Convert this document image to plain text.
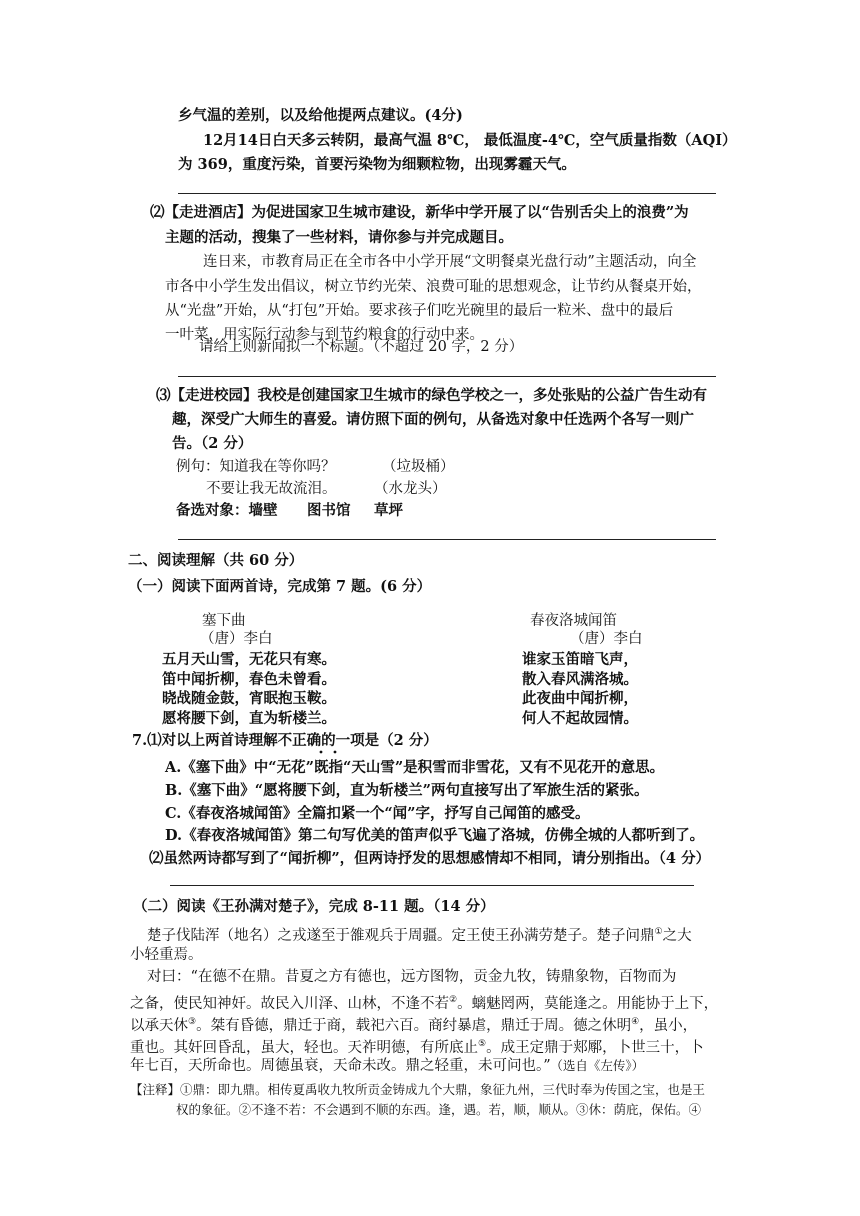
乡气温的差别，以及给他提两点建议。(4分)
12月14日白天多云转阴，最高气温 8℃， 最低温度-4℃，空气质量指数（AQI）
为 369，重度污染，首要污染物为细颗粒物，出现雾霾天气。
⑵【走进酒店】为促进国家卫生城市建设，新华中学开展了以“告别舌尖上的浪费”为
主题的活动，搜集了一些材料，请你参与并完成题目。
连日来，市教育局正在全市各中小学开展“文明餐桌光盘行动”主题活动，向全
市各中小学生发出倡议，树立节约光荣、浪费可耻的思想观念，让节约从餐桌开始，
从“光盘”开始，从“打包”开始。要求孩子们吃光碗里的最后一粒米、盘中的最后
一叶菜，用实际行动参与到节约粮食的行动中来。
请给上则新闻拟一个标题。（不超过 20 字，2 分）
⑶【走进校园】我校是创建国家卫生城市的绿色学校之一，多处张贴的公益广告生动有
趣，深受广大师生的喜爱。请仿照下面的例句，从备选对象中任选两个各写一则广
告。（2 分）
例句：知道我在等你吗？	（垃圾桶）
不要让我无故流泪。	（水龙头）
备选对象：墙壁 图书馆 草坪
二、阅读理解（共 60 分）
（一）阅读下面两首诗，完成第 7 题。(6 分）
塞下曲
（唐）李白
五月天山雪，无花只有寒。
笛中闻折柳，春色未曾看。
晓战随金鼓，宵眠抱玉鞍。
愿将腰下剑，直为斩楼兰。
春夜洛城闻笛
（唐）李白
谁家玉笛暗飞声，
散入春风满洛城。
此夜曲中闻折柳，
何人不起故园情。
7.⑴对以上两首诗理解不正确的一项是（2 分）
A.《塞下曲》中“无花”既指“天山雪”是积雪而非雪花，又有不见花开的意思。
B.《塞下曲》“愿将腰下剑，直为斩楼兰”两句直接写出了军旅生活的紧张。
C.《春夜洛城闻笛》全篇扣紧一个“闻”字，抒写自己闻笛的感受。
D.《春夜洛城闻笛》第二句写优美的笛声似乎飞遍了洛城，仿佛全城的人都听到了。
⑵虽然两诗都写到了“闻折柳”，但两诗抒发的思想感情却不相同，请分别指出。（4 分）
（二）阅读《王孙满对楚子》，完成 8-11 题。（14 分）
楚子伐陆浑（地名）之戎遂至于雒观兵于周疆。定王使王孙满劳楚子。楚子问鼎①之大
小轻重焉。
对曰：“在德不在鼎。昔夏之方有德也，远方图物，贡金九牧，铸鼎象物，百物而为
之备，使民知神奸。故民入川泽、山林，不逢不若②。螭魅罔两，莫能逢之。用能协于上下，
以承天休③。桀有昏德，鼎迁于商，载祀六百。商纣暴虐，鼎迁于周。德之休明④，虽小，
重也。其奸回昏乱，虽大，轻也。天祚明德，有所底止⑤。成王定鼎于郏鄏，卜世三十，卜
年七百，天所命也。周德虽衰，天命未改。鼎之轻重，未可问也。” （选自《左传》）
【注释】①鼎：即九鼎。相传夏禹收九牧所贡金铸成九个大鼎，象征九州，三代时奉为传国之宝，也是王
权的象征。②不逢不若：不会遇到不顺的东西。逢，遇。若，顺，顺从。③休：荫庇，保佑。④
